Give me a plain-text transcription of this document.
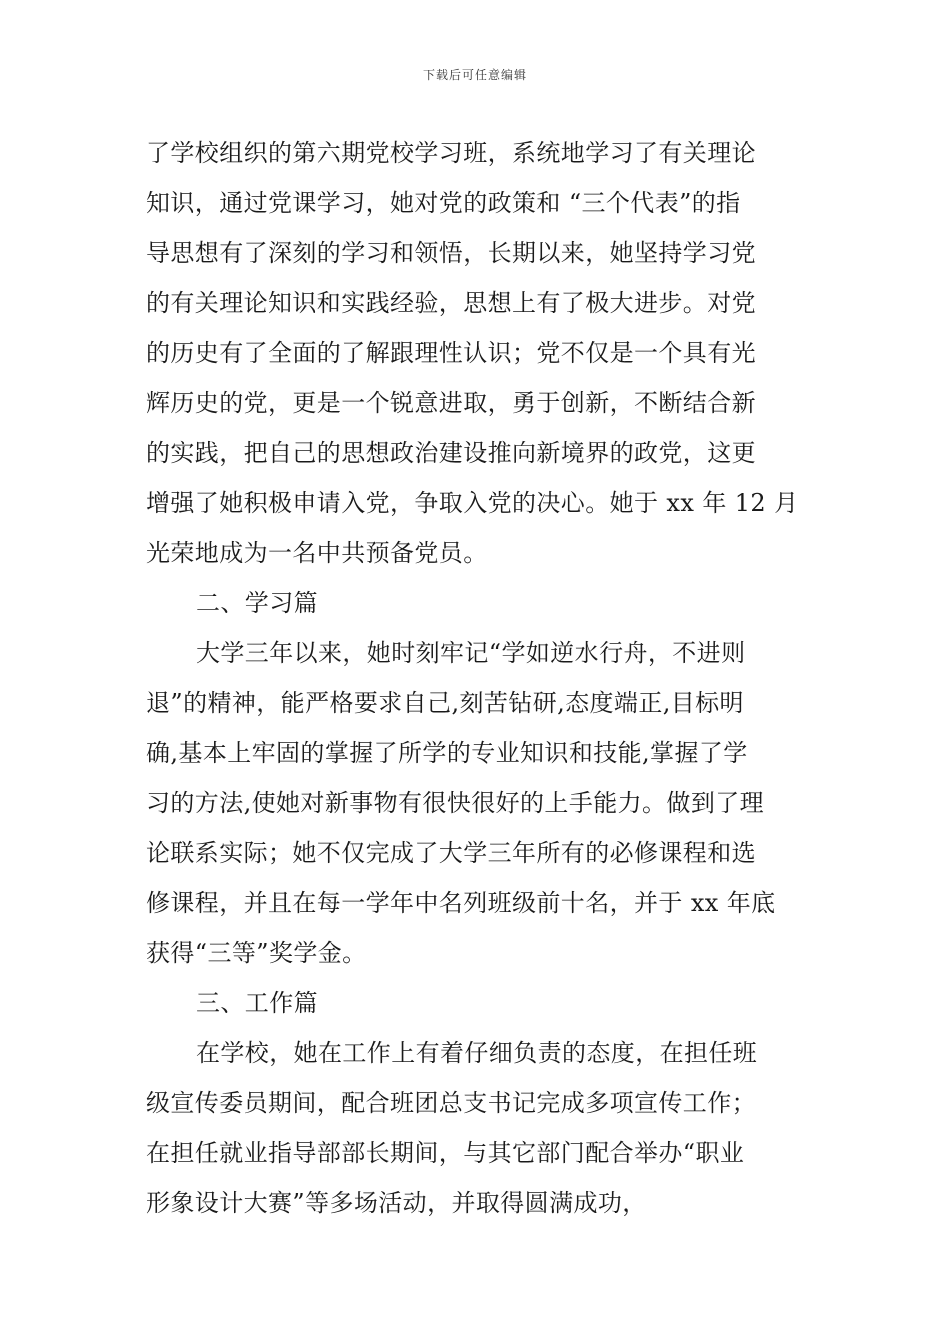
下载后可任意编辑
了学校组织的第六期党校学习班，系统地学习了有关理论
知识，通过党课学习，她对党的政策和 “三个代表”的指
导思想有了深刻的学习和领悟，长期以来，她坚持学习党
的有关理论知识和实践经验，思想上有了极大进步。对党
的历史有了全面的了解跟理性认识；党不仅是一个具有光
辉历史的党，更是一个锐意进取，勇于创新，不断结合新
的实践，把自己的思想政治建设推向新境界的政党，这更
增强了她积极申请入党，争取入党的决心。她于 xx 年 12 月
光荣地成为一名中共预备党员。
二、学习篇
大学三年以来，她时刻牢记“学如逆水行舟，不进则
退”的精神，能严格要求自己,刻苦钻研,态度端正,目标明
确,基本上牢固的掌握了所学的专业知识和技能,掌握了学
习的方法,使她对新事物有很快很好的上手能力。做到了理
论联系实际；她不仅完成了大学三年所有的必修课程和选
修课程，并且在每一学年中名列班级前十名，并于 xx 年底
获得“三等”奖学金。
三、工作篇
在学校，她在工作上有着仔细负责的态度，在担任班
级宣传委员期间，配合班团总支书记完成多项宣传工作；
在担任就业指导部部长期间，与其它部门配合举办“职业
形象设计大赛”等多场活动，并取得圆满成功，
